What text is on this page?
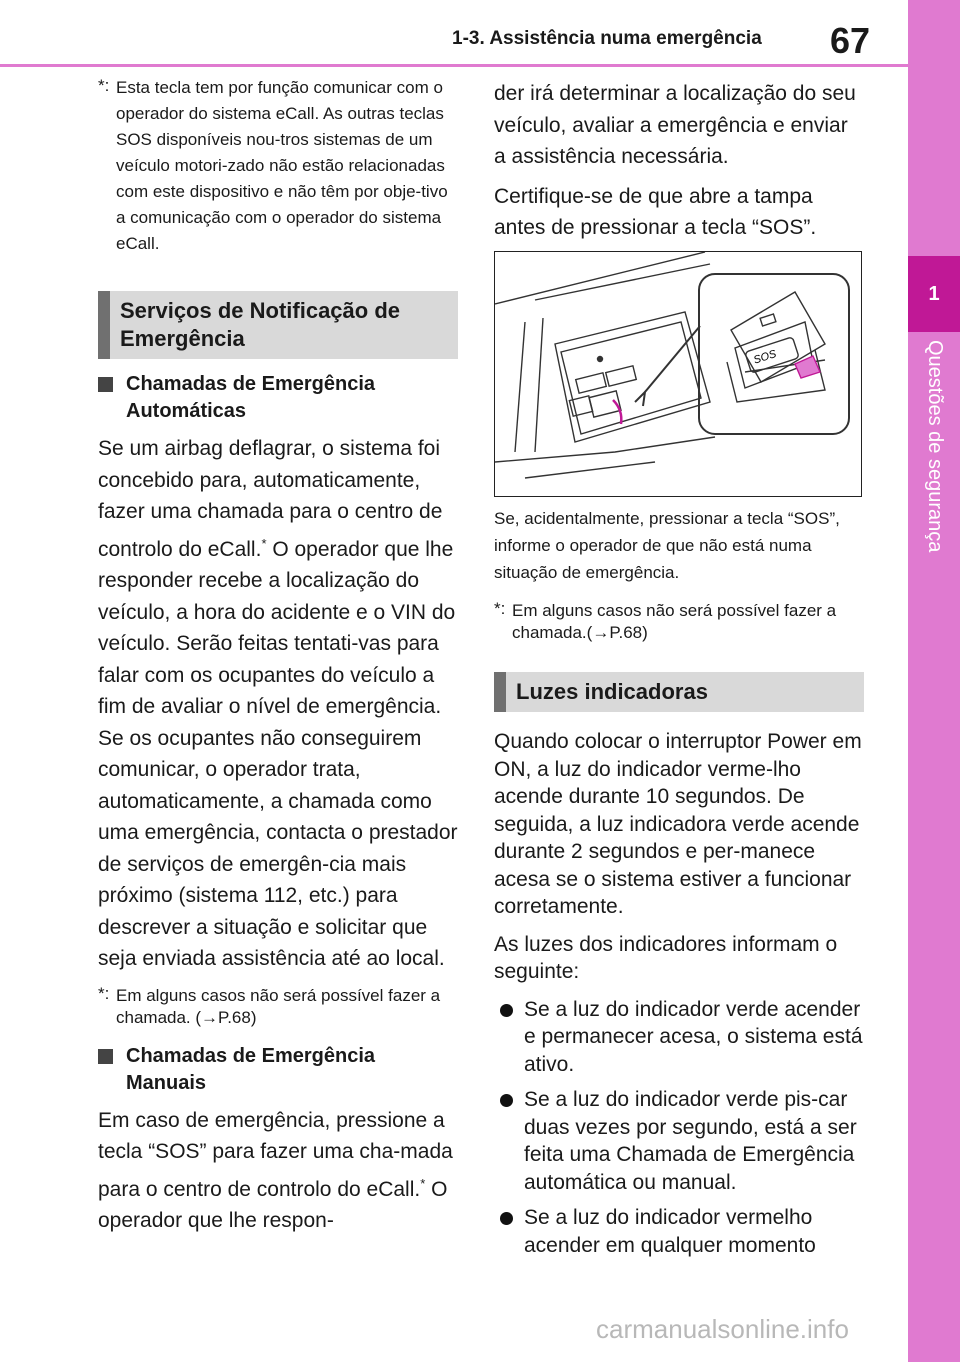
1-3. Assistência numa emergência 67
1
Questões de segurança
*: Esta tecla tem por função comunicar com o operador do sistema eCall. As outras teclas SOS disponíveis nou-tros sistemas de um veículo motori-zado não estão relacionadas com este dispositivo e não têm por obje-tivo a comunicação com o operador do sistema eCall.
Serviços de Notificação de Emergência
Chamadas de Emergência Automáticas

Se um airbag deflagrar, o sistema foi concebido para, automaticamente, fazer uma chamada para o centro de controlo do eCall.* O operador que lhe responder recebe a localização do veículo, a hora do acidente e o VIN do veículo. Serão feitas tentati-vas para falar com os ocupantes do veículo a fim de avaliar o nível de emergência. Se os ocupantes não conseguirem comunicar, o operador trata, automaticamente, a chamada como uma emergência, contacta o prestador de serviços de emergên-cia mais próximo (sistema 112, etc.) para descrever a situação e solicitar que seja enviada assistência até ao local.

*: Em alguns casos não será possível fazer a chamada. (→P.68)
Chamadas de Emergência Manuais

Em caso de emergência, pressione a tecla “SOS” para fazer uma cha-mada para o centro de controlo do eCall.* O operador que lhe respon-

der irá determinar a localização do seu veículo, avaliar a emergência e enviar a assistência necessária.

Certifique-se de que abre a tampa antes de pressionar a tecla “SOS”.

SOS

Se, acidentalmente, pressionar a tecla “SOS”, informe o operador de que não está numa situação de emergência.

*: Em alguns casos não será possível fazer a chamada.(→P.68)
Luzes indicadoras

Quando colocar o interruptor Power em ON, a luz do indicador verme-lho acende durante 10 segundos. De seguida, a luz indicadora verde acende durante 2 segundos e per-manece acesa se o sistema estiver a funcionar corretamente.

As luzes dos indicadores informam o seguinte:

Se a luz do indicador verde acender e permanecer acesa, o sistema está ativo.
Se a luz do indicador verde pis-car duas vezes por segundo, está a ser feita uma Chamada de Emergência automática ou manual.
Se a luz do indicador vermelho acender em qualquer momento
carmanualsonline.info
